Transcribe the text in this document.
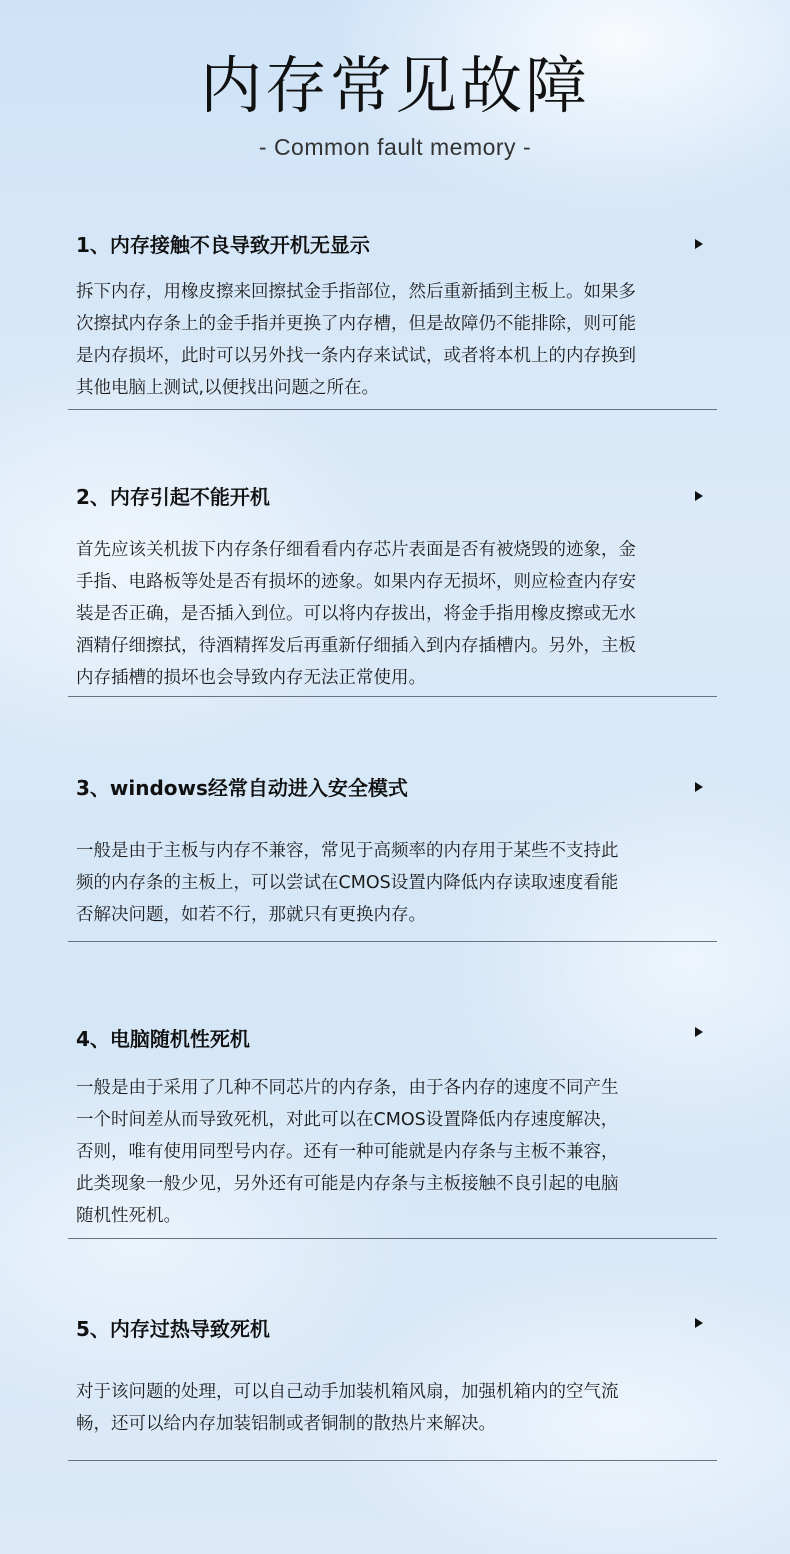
内存常见故障
- Common fault memory -
1、内存接触不良导致开机无显示

拆下内存，用橡皮擦来回擦拭金手指部位，然后重新插到主板上。如果多
次擦拭内存条上的金手指并更换了内存槽，但是故障仍不能排除，则可能
是内存损坏，此时可以另外找一条内存来试试，或者将本机上的内存换到
其他电脑上测试,以便找出问题之所在。

2、内存引起不能开机

首先应该关机拔下内存条仔细看看内存芯片表面是否有被烧毁的迹象，金
手指、电路板等处是否有损坏的迹象。如果内存无损坏，则应检查内存安
装是否正确，是否插入到位。可以将内存拔出，将金手指用橡皮擦或无水
酒精仔细擦拭，待酒精挥发后再重新仔细插入到内存插槽内。另外，主板
内存插槽的损坏也会导致内存无法正常使用。

3、windows经常自动进入安全模式

一般是由于主板与内存不兼容，常见于高频率的内存用于某些不支持此
频的内存条的主板上，可以尝试在CMOS设置内降低内存读取速度看能
否解决问题，如若不行，那就只有更换内存。

4、电脑随机性死机

一般是由于采用了几种不同芯片的内存条，由于各内存的速度不同产生
一个时间差从而导致死机，对此可以在CMOS设置降低内存速度解决，
否则，唯有使用同型号内存。还有一种可能就是内存条与主板不兼容，
此类现象一般少见，另外还有可能是内存条与主板接触不良引起的电脑
随机性死机。

5、内存过热导致死机

对于该问题的处理，可以自己动手加装机箱风扇，加强机箱内的空气流
畅，还可以给内存加装铝制或者铜制的散热片来解决。
